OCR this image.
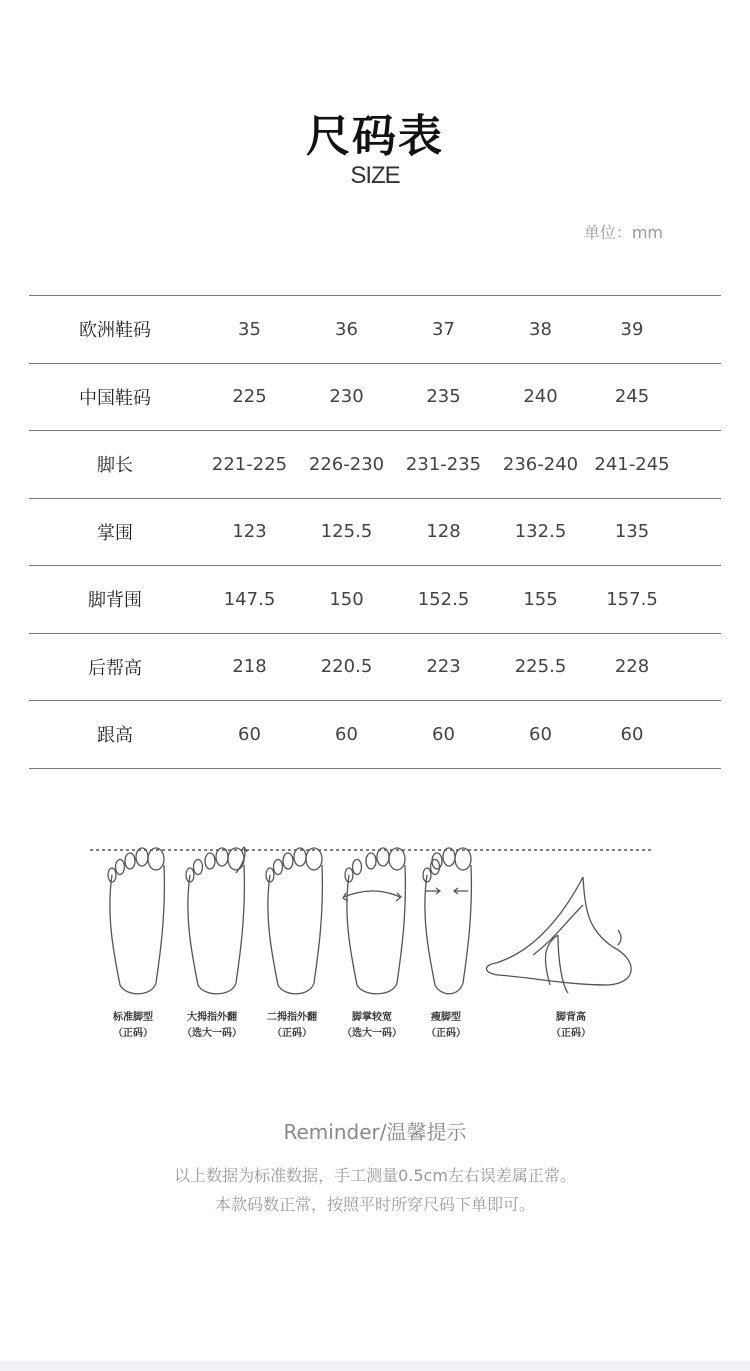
尺码表
SIZE
单位：mm
欧洲鞋码	35	36	37	38	39	
中国鞋码	225	230	235	240	245	
脚长	221-225	226-230	231-235	236-240	241-245	
掌围	123	125.5	128	132.5	135	
脚背围	147.5	150	152.5	155	157.5	
后帮高	218	220.5	223	225.5	228	
跟高	60	60	60	60	60	
标准脚型
（正码）
大拇指外翻
（选大一码）
二拇指外翻
（正码）
脚掌较宽
（选大一码）
瘦脚型
（正码）
脚背高
（正码）
Reminder/温馨提示
以上数据为标准数据，手工测量0.5cm左右误差属正常。
本款码数正常，按照平时所穿尺码下单即可。
